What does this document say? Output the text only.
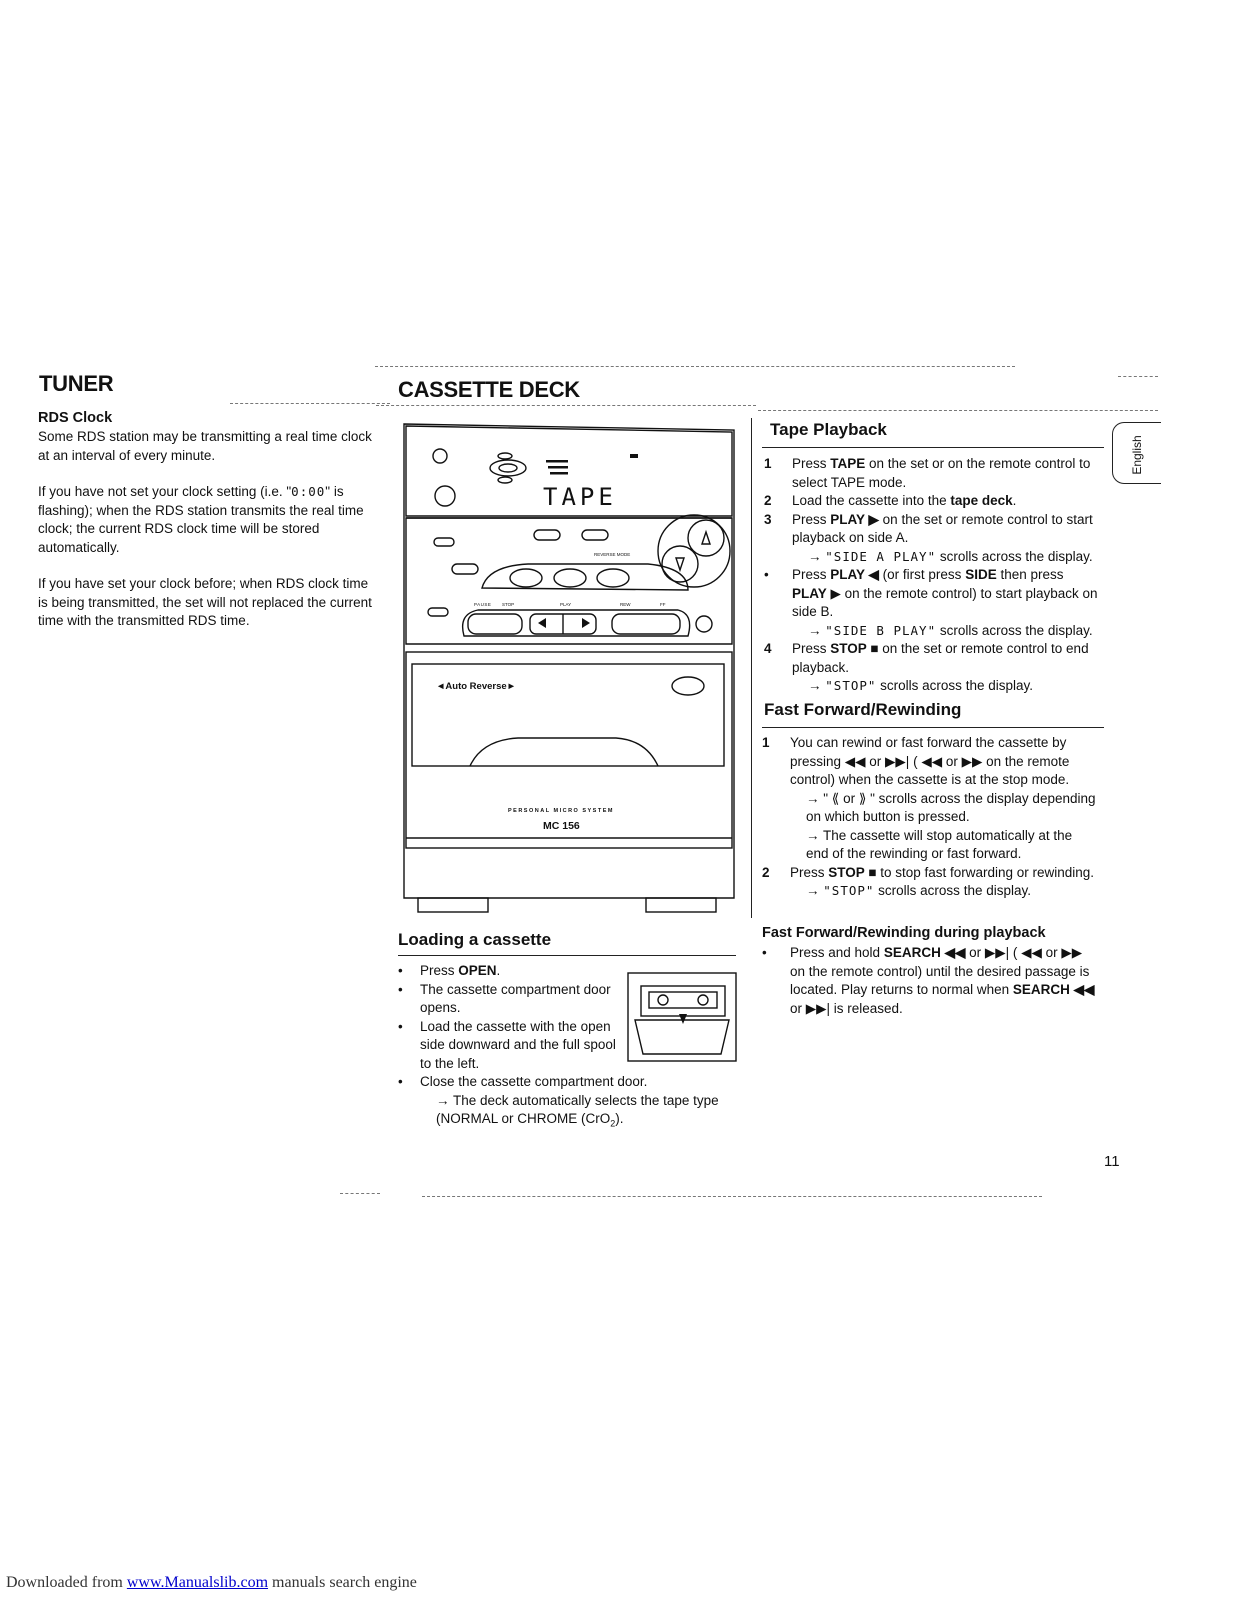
TUNER
RDS Clock
Some RDS station may be transmitting a real time clock at an interval of every minute.
If you have not set your clock setting (i.e. "0:00" is flashing); when the RDS station transmits the real time clock; the current RDS clock time will be stored automatically.
If you have set your clock before; when RDS clock time is being transmitted, the set will not replaced the current time with the transmitted RDS time.
CASSETTE DECK
TAPE
◄Auto Reverse►
PERSONAL MICRO SYSTEM
MC 156
PAUSE STOP	PLAY	REW	FF
REVERSE MODE
Loading a cassette
• Press OPEN.
• The cassette compartment door opens.
• Load the cassette with the open side downward and the full spool to the left.
• Close the cassette compartment door.
→ The deck automatically selects the tape type (NORMAL or CHROME (CrO$_2$).
English
Tape Playback
1 Press TAPE on the set or on the remote control to select TAPE mode.
2 Load the cassette into the tape deck.
3 Press PLAY ▶ on the set or remote control to start playback on side A.
→ "SIDE A PLAY" scrolls across the display.
• Press PLAY ◀ (or first press SIDE then press PLAY ▶ on the remote control) to start playback on side B.
→ "SIDE B PLAY" scrolls across the display.
4 Press STOP ■ on the set or remote control to end playback.
→ "STOP" scrolls across the display.
Fast Forward/Rewinding
1 You can rewind or fast forward the cassette by pressing ◀◀ or ▶▶| ( ◀◀ or ▶▶ on the remote control) when the cassette is at the stop mode.
→ " ⟪ or ⟫ " scrolls across the display depending on which button is pressed.
→ The cassette will stop automatically at the end of the rewinding or fast forward.
2 Press STOP ■ to stop fast forwarding or rewinding.
→ "STOP" scrolls across the display.
Fast Forward/Rewinding during playback
• Press and hold SEARCH ◀◀ or ▶▶| ( ◀◀ or ▶▶ on the remote control) until the desired passage is located. Play returns to normal when SEARCH ◀◀ or ▶▶| is released.
11
Downloaded from www.Manualslib.com manuals search engine
